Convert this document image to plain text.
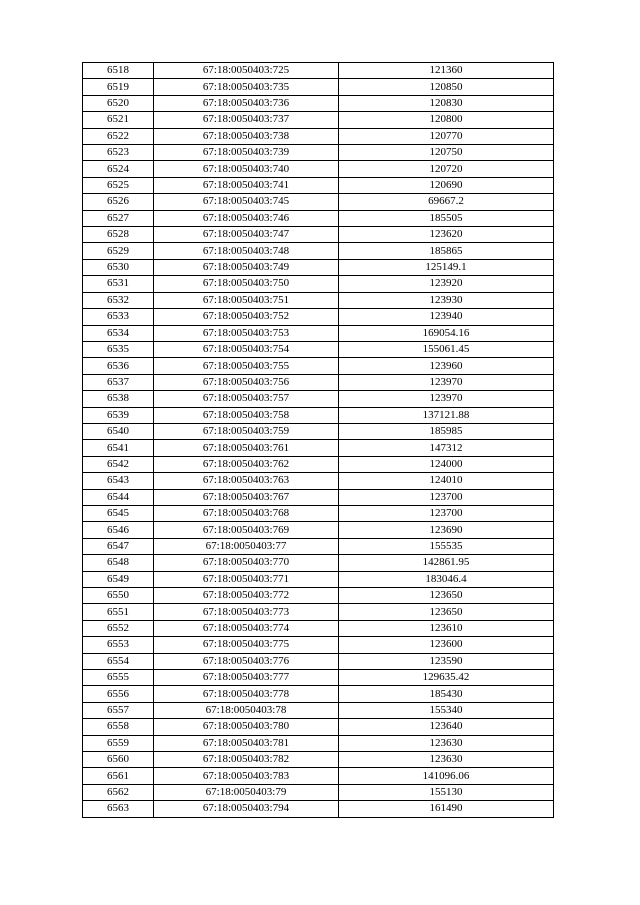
6518	67:18:0050403:725	121360
6519	67:18:0050403:735	120850
6520	67:18:0050403:736	120830
6521	67:18:0050403:737	120800
6522	67:18:0050403:738	120770
6523	67:18:0050403:739	120750
6524	67:18:0050403:740	120720
6525	67:18:0050403:741	120690
6526	67:18:0050403:745	69667.2
6527	67:18:0050403:746	185505
6528	67:18:0050403:747	123620
6529	67:18:0050403:748	185865
6530	67:18:0050403:749	125149.1
6531	67:18:0050403:750	123920
6532	67:18:0050403:751	123930
6533	67:18:0050403:752	123940
6534	67:18:0050403:753	169054.16
6535	67:18:0050403:754	155061.45
6536	67:18:0050403:755	123960
6537	67:18:0050403:756	123970
6538	67:18:0050403:757	123970
6539	67:18:0050403:758	137121.88
6540	67:18:0050403:759	185985
6541	67:18:0050403:761	147312
6542	67:18:0050403:762	124000
6543	67:18:0050403:763	124010
6544	67:18:0050403:767	123700
6545	67:18:0050403:768	123700
6546	67:18:0050403:769	123690
6547	67:18:0050403:77	155535
6548	67:18:0050403:770	142861.95
6549	67:18:0050403:771	183046.4
6550	67:18:0050403:772	123650
6551	67:18:0050403:773	123650
6552	67:18:0050403:774	123610
6553	67:18:0050403:775	123600
6554	67:18:0050403:776	123590
6555	67:18:0050403:777	129635.42
6556	67:18:0050403:778	185430
6557	67:18:0050403:78	155340
6558	67:18:0050403:780	123640
6559	67:18:0050403:781	123630
6560	67:18:0050403:782	123630
6561	67:18:0050403:783	141096.06
6562	67:18:0050403:79	155130
6563	67:18:0050403:794	161490
